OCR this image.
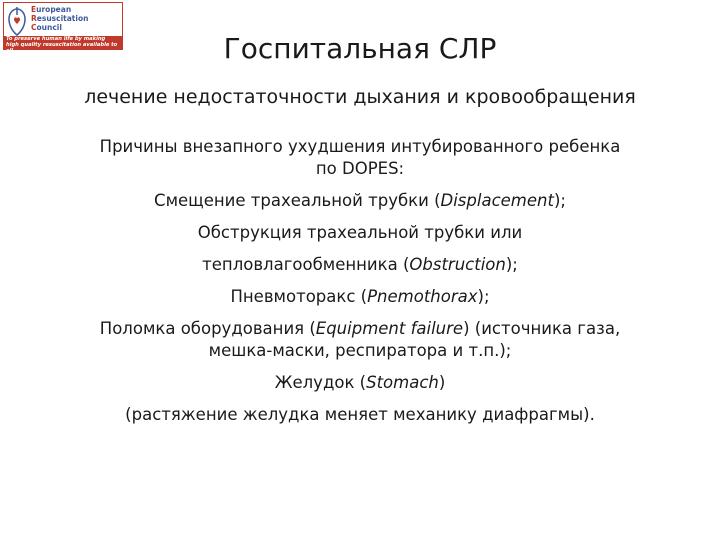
European
Resuscitation
Council
To preserve human life by making
high quality resuscitation available to all	Госпитальная СЛР
лечение недостаточности дыхания и кровообращения

Причины внезапного ухудшения интубированного ребенка

по DOPES:

Смещение трахеальной трубки (Displacement);

Обструкция трахеальной трубки или

тепловлагообменника (Obstruction);

Пневмоторакс (Pnemothorax);

Поломка оборудования (Equipment failure) (источника газа,

мешка-маски, респиратора и т.п.);

Желудок (Stomach)

(растяжение желудка меняет механику диафрагмы).
